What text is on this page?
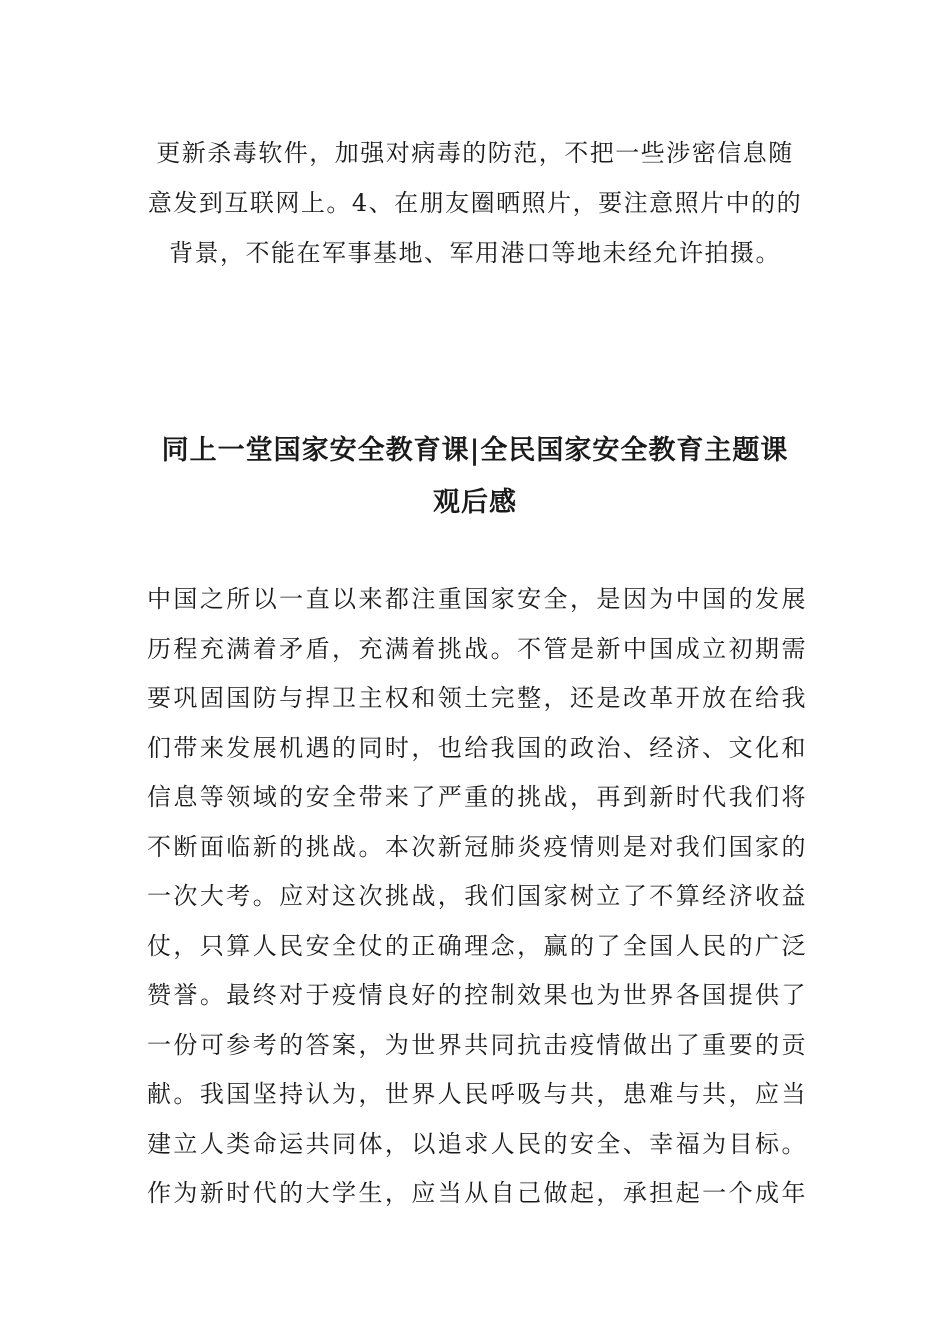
更新杀毒软件，加强对病毒的防范，不把一些涉密信息随
意发到互联网上。4、在朋友圈晒照片，要注意照片中的的
背景，不能在军事基地、军用港口等地未经允许拍摄。

同上一堂国家安全教育课|全民国家安全教育主题课
观后感

中国之所以一直以来都注重国家安全，是因为中国的发展
历程充满着矛盾，充满着挑战。不管是新中国成立初期需
要巩固国防与捍卫主权和领土完整，还是改革开放在给我
们带来发展机遇的同时，也给我国的政治、经济、文化和
信息等领域的安全带来了严重的挑战，再到新时代我们将
不断面临新的挑战。本次新冠肺炎疫情则是对我们国家的
一次大考。应对这次挑战，我们国家树立了不算经济收益
仗，只算人民安全仗的正确理念，赢的了全国人民的广泛
赞誉。最终对于疫情良好的控制效果也为世界各国提供了
一份可参考的答案，为世界共同抗击疫情做出了重要的贡
献。我国坚持认为，世界人民呼吸与共，患难与共，应当
建立人类命运共同体，以追求人民的安全、幸福为目标。
作为新时代的大学生，应当从自己做起，承担起一个成年
